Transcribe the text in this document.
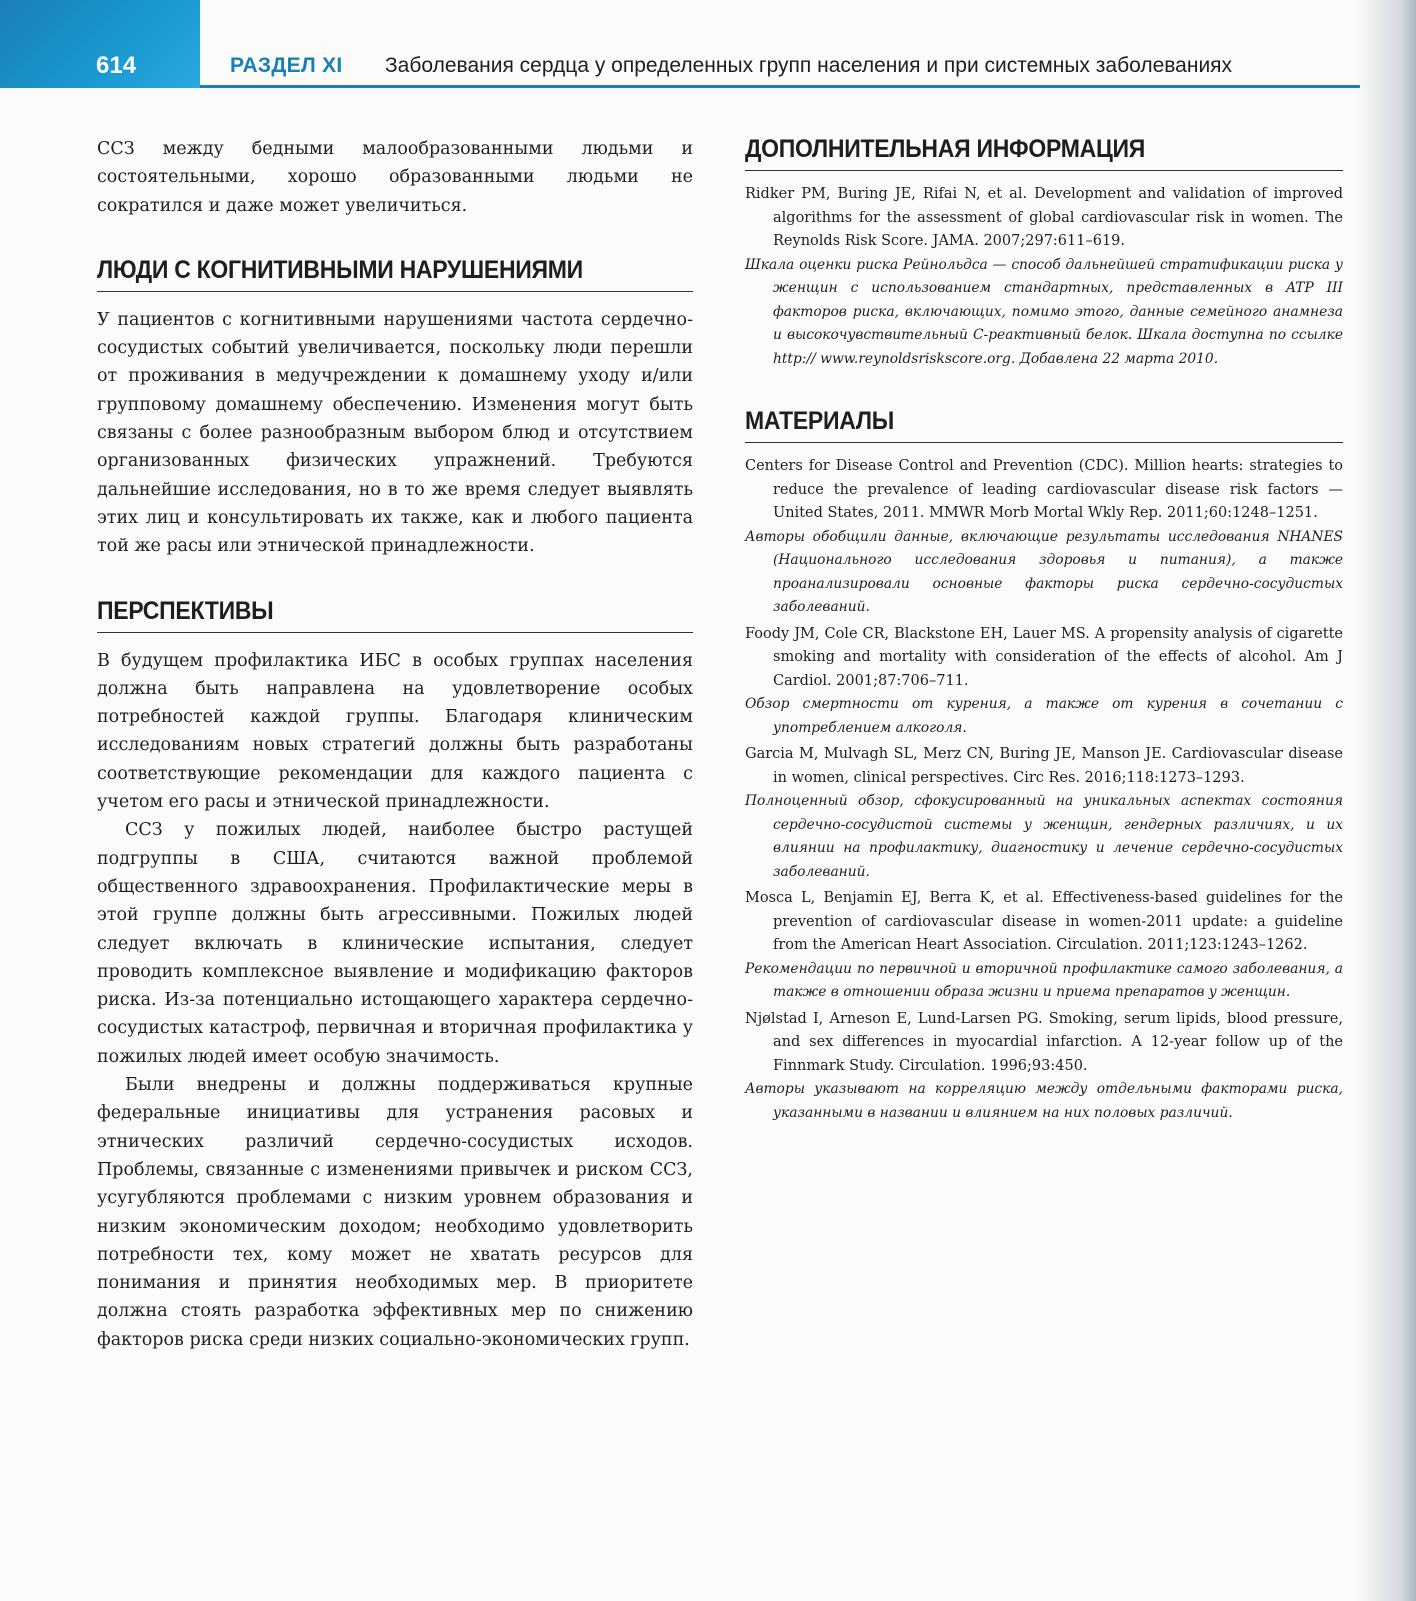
614	РАЗДЕЛ XI Заболевания сердца у определенных групп населения и при системных заболеваниях

ССЗ между бедными малообразованными людьми и состоятельными, хорошо образованными людьми не сократился и даже может увеличиться.

ЛЮДИ С КОГНИТИВНЫМИ НАРУШЕНИЯМИ

У пациентов с когнитивными нарушениями частота сердечно-сосудистых событий увеличивается, поскольку люди перешли от проживания в медучреждении к домашнему уходу и/или групповому домашнему обеспечению. Изменения могут быть связаны с более разнообразным выбором блюд и отсутствием организованных физических упражнений. Требуются дальнейшие исследования, но в то же время следует выявлять этих лиц и консультировать их также, как и любого пациента той же расы или этнической принадлежности.

ПЕРСПЕКТИВЫ

В будущем профилактика ИБС в особых группах населения должна быть направлена на удовлетворение особых потребностей каждой группы. Благодаря клиническим исследованиям новых стратегий должны быть разработаны соответствующие рекомендации для каждого пациента с учетом его расы и этнической принадлежности.

ССЗ у пожилых людей, наиболее быстро растущей подгруппы в США, считаются важной проблемой общественного здравоохранения. Профилактические меры в этой группе должны быть агрессивными. Пожилых людей следует включать в клинические испытания, следует проводить комплексное выявление и модификацию факторов риска. Из-за потенциально истощающего характера сердечно-сосудистых катастроф, первичная и вторичная профилактика у пожилых людей имеет особую значимость.

Были внедрены и должны поддерживаться крупные федеральные инициативы для устранения расовых и этнических различий сердечно-сосудистых исходов. Проблемы, связанные с изменениями привычек и риском ССЗ, усугубляются проблемами с низким уровнем образования и низким экономическим доходом; необходимо удовлетворить потребности тех, кому может не хватать ресурсов для понимания и принятия необходимых мер. В приоритете должна стоять разработка эффективных мер по снижению факторов риска среди низких социально-экономических групп.

ДОПОЛНИТЕЛЬНАЯ ИНФОРМАЦИЯ

Ridker PM, Buring JE, Rifai N, et al. Development and validation of improved algorithms for the assessment of global cardiovascular risk in women. The Reynolds Risk Score. JAMA. 2007;297:611–619.

Шкала оценки риска Рейнольдса — способ дальнейшей стратификации риска у женщин с использованием стандартных, представленных в ATP III факторов риска, включающих, помимо этого, данные семейного анамнеза и высокочувствительный С-реактивный белок. Шкала доступна по ссылке http:// www.reynoldsriskscore.org. Добавлена 22 марта 2010.

МАТЕРИАЛЫ

Centers for Disease Control and Prevention (CDC). Million hearts: strategies to reduce the prevalence of leading cardiovascular disease risk factors — United States, 2011. MMWR Morb Mortal Wkly Rep. 2011;60:1248–1251.

Авторы обобщили данные, включающие результаты исследования NHANES (Национального исследования здоровья и питания), а также проанализировали основные факторы риска сердечно-сосудистых заболеваний.

Foody JM, Cole CR, Blackstone EH, Lauer MS. A propensity analysis of cigarette smoking and mortality with consideration of the effects of alcohol. Am J Cardiol. 2001;87:706–711.

Обзор смертности от курения, а также от курения в сочетании с употреблением алкоголя.

Garcia M, Mulvagh SL, Merz CN, Buring JE, Manson JE. Cardiovascular disease in women, clinical perspectives. Circ Res. 2016;118:1273–1293.

Полноценный обзор, сфокусированный на уникальных аспектах состояния сердечно-сосудистой системы у женщин, гендерных различиях, и их влиянии на профилактику, диагностику и лечение сердечно-сосудистых заболеваний.

Mosca L, Benjamin EJ, Berra K, et al. Effectiveness-based guidelines for the prevention of cardiovascular disease in women-2011 update: a guideline from the American Heart Association. Circulation. 2011;123:1243–1262.

Рекомендации по первичной и вторичной профилактике самого заболевания, а также в отношении образа жизни и приема препаратов у женщин.

Njølstad I, Arneson E, Lund-Larsen PG. Smoking, serum lipids, blood pressure, and sex differences in myocardial infarction. A 12-year follow up of the Finnmark Study. Circulation. 1996;93:450.

Авторы указывают на корреляцию между отдельными факторами риска, указанными в названии и влиянием на них половых различий.
